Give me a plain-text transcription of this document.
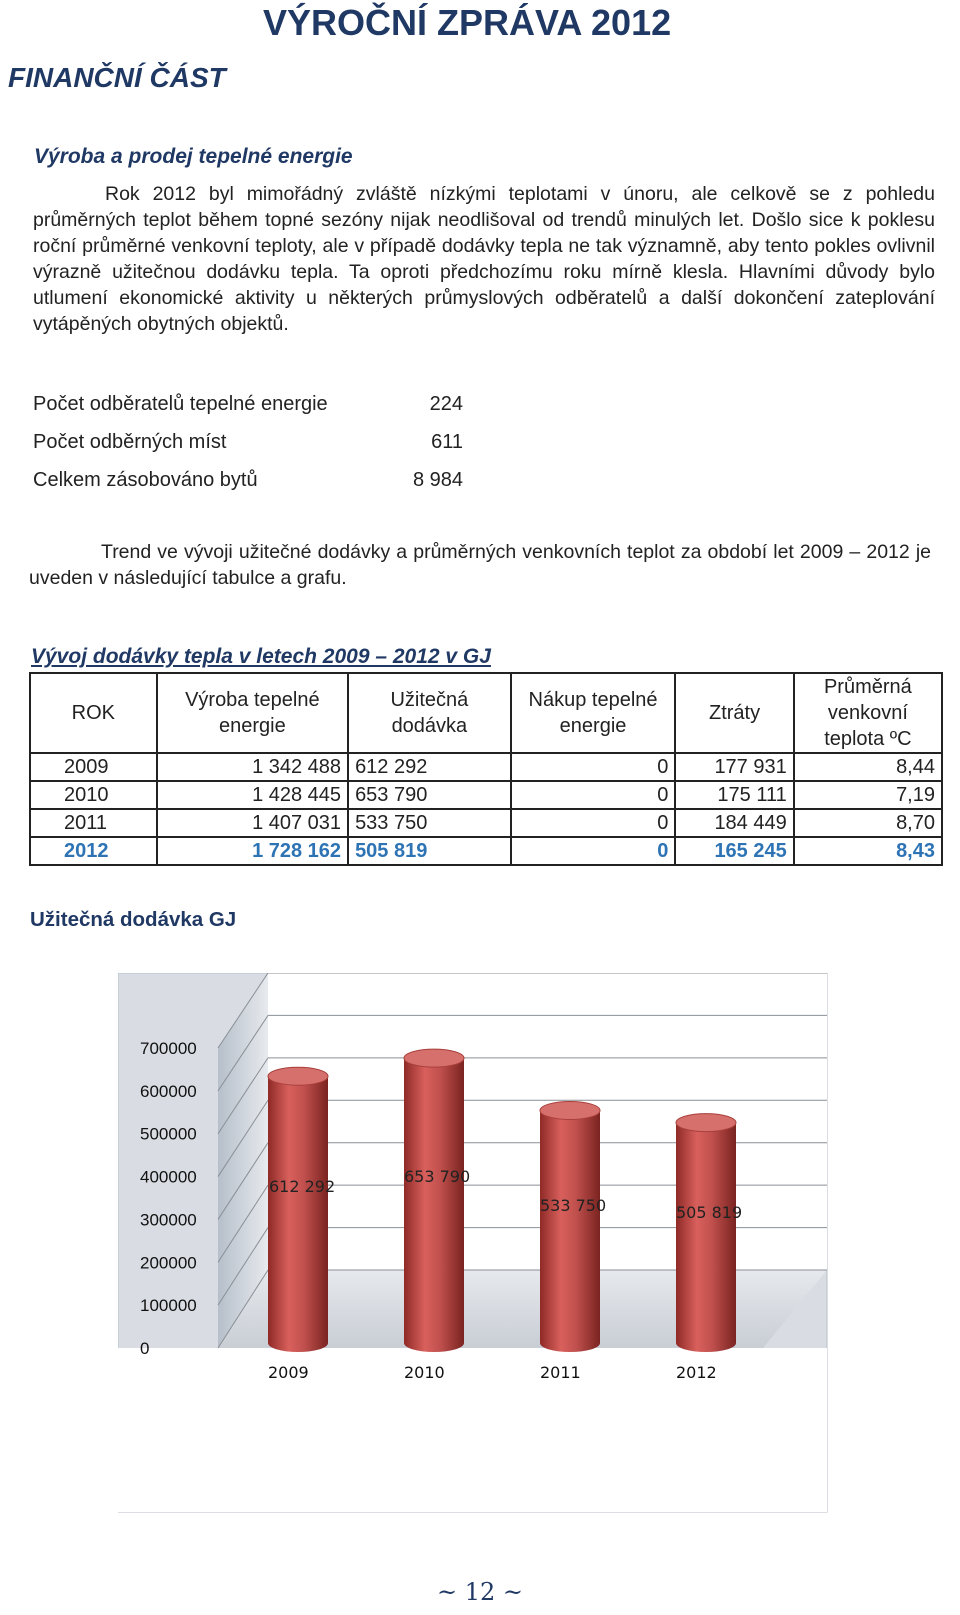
VÝROČNÍ ZPRÁVA 2012
FINANČNÍ ČÁST
Výroba a prodej tepelné energie

Rok 2012 byl mimořádný zvláště nízkými teplotami v únoru, ale celkově se z pohledu průměrných teplot během topné sezóny nijak neodlišoval od trendů minulých let. Došlo sice k poklesu roční průměrné venkovní teploty, ale v případě dodávky tepla ne tak významně, aby tento pokles ovlivnil výrazně užitečnou dodávku tepla. Ta oproti předchozímu roku mírně klesla. Hlavními důvody bylo utlumení ekonomické aktivity u některých průmyslových odběratelů a další dokončení zateplování vytápěných obytných objektů.

Počet odběratelů tepelné energie	224
Počet odběrných míst	611
Celkem zásobováno bytů	8 984

Trend ve vývoji užitečné dodávky a průměrných venkovních teplot za období let 2009 – 2012 je uveden v následující tabulce a grafu.

Vývoj dodávky tepla v letech 2009 – 2012 v GJ
ROK	Výroba tepelné energie	Užitečná dodávka	Nákup tepelné energie	Ztráty	Průměrná venkovní teplota ºC
2009	1 342 488	612 292	0	177 931	8,44
2010	1 428 445	653 790	0	175 111	7,19
2011	1 407 031	533 750	0	184 449	8,70
2012	1 728 162	505 819	0	165 245	8,43
Užitečná dodávka GJ
700000
600000
500000
400000
300000
200000
100000
0
612 292
653 790
533 750	505 819
2009	2010	2011	2012
~ 12 ~
